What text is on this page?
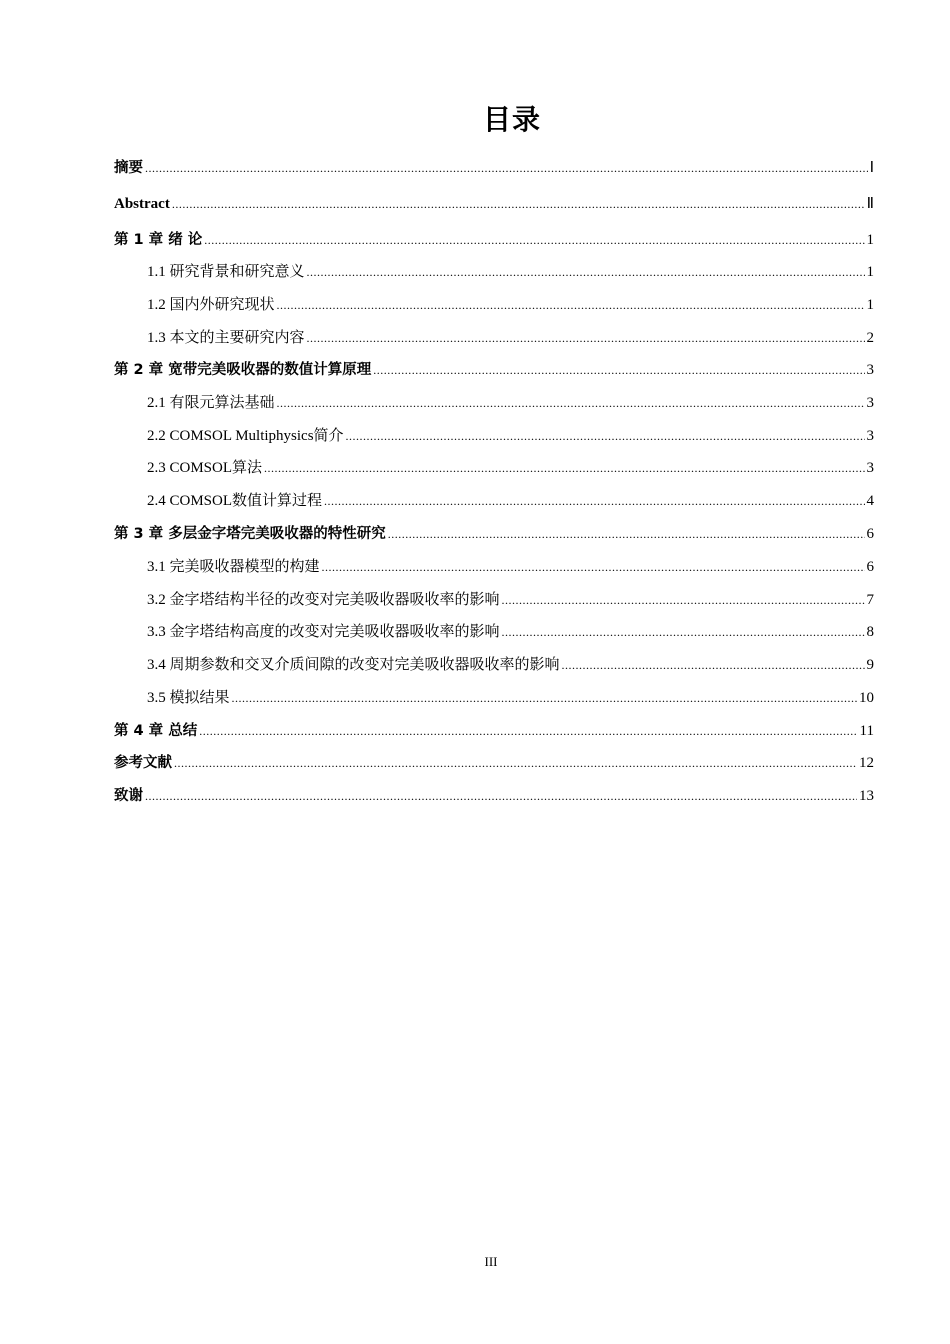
目录
摘要 .....	Ⅰ
Abstract .....	Ⅱ
第 1 章 绪 论 .....	1
1.1 研究背景和研究意义 .....	1
1.2 国内外研究现状 .....	1
1.3 本文的主要研究内容 .....	2
第 2 章 宽带完美吸收器的数值计算原理 .....	3
2.1 有限元算法基础 .....	3
2.2 COMSOL Multiphysics简介 .....	3
2.3 COMSOL算法 .....	3
2.4 COMSOL数值计算过程 .....	4
第 3 章 多层金字塔完美吸收器的特性研究 .....	6
3.1 完美吸收器模型的构建 .....	6
3.2 金字塔结构半径的改变对完美吸收器吸收率的影响 .....	7
3.3 金字塔结构高度的改变对完美吸收器吸收率的影响 .....	8
3.4 周期参数和交叉介质间隙的改变对完美吸收器吸收率的影响 .....	9
3.5 模拟结果 .....	10
第 4 章 总结 .....	11
参考文献 .....	12
致谢 .....	13
III
